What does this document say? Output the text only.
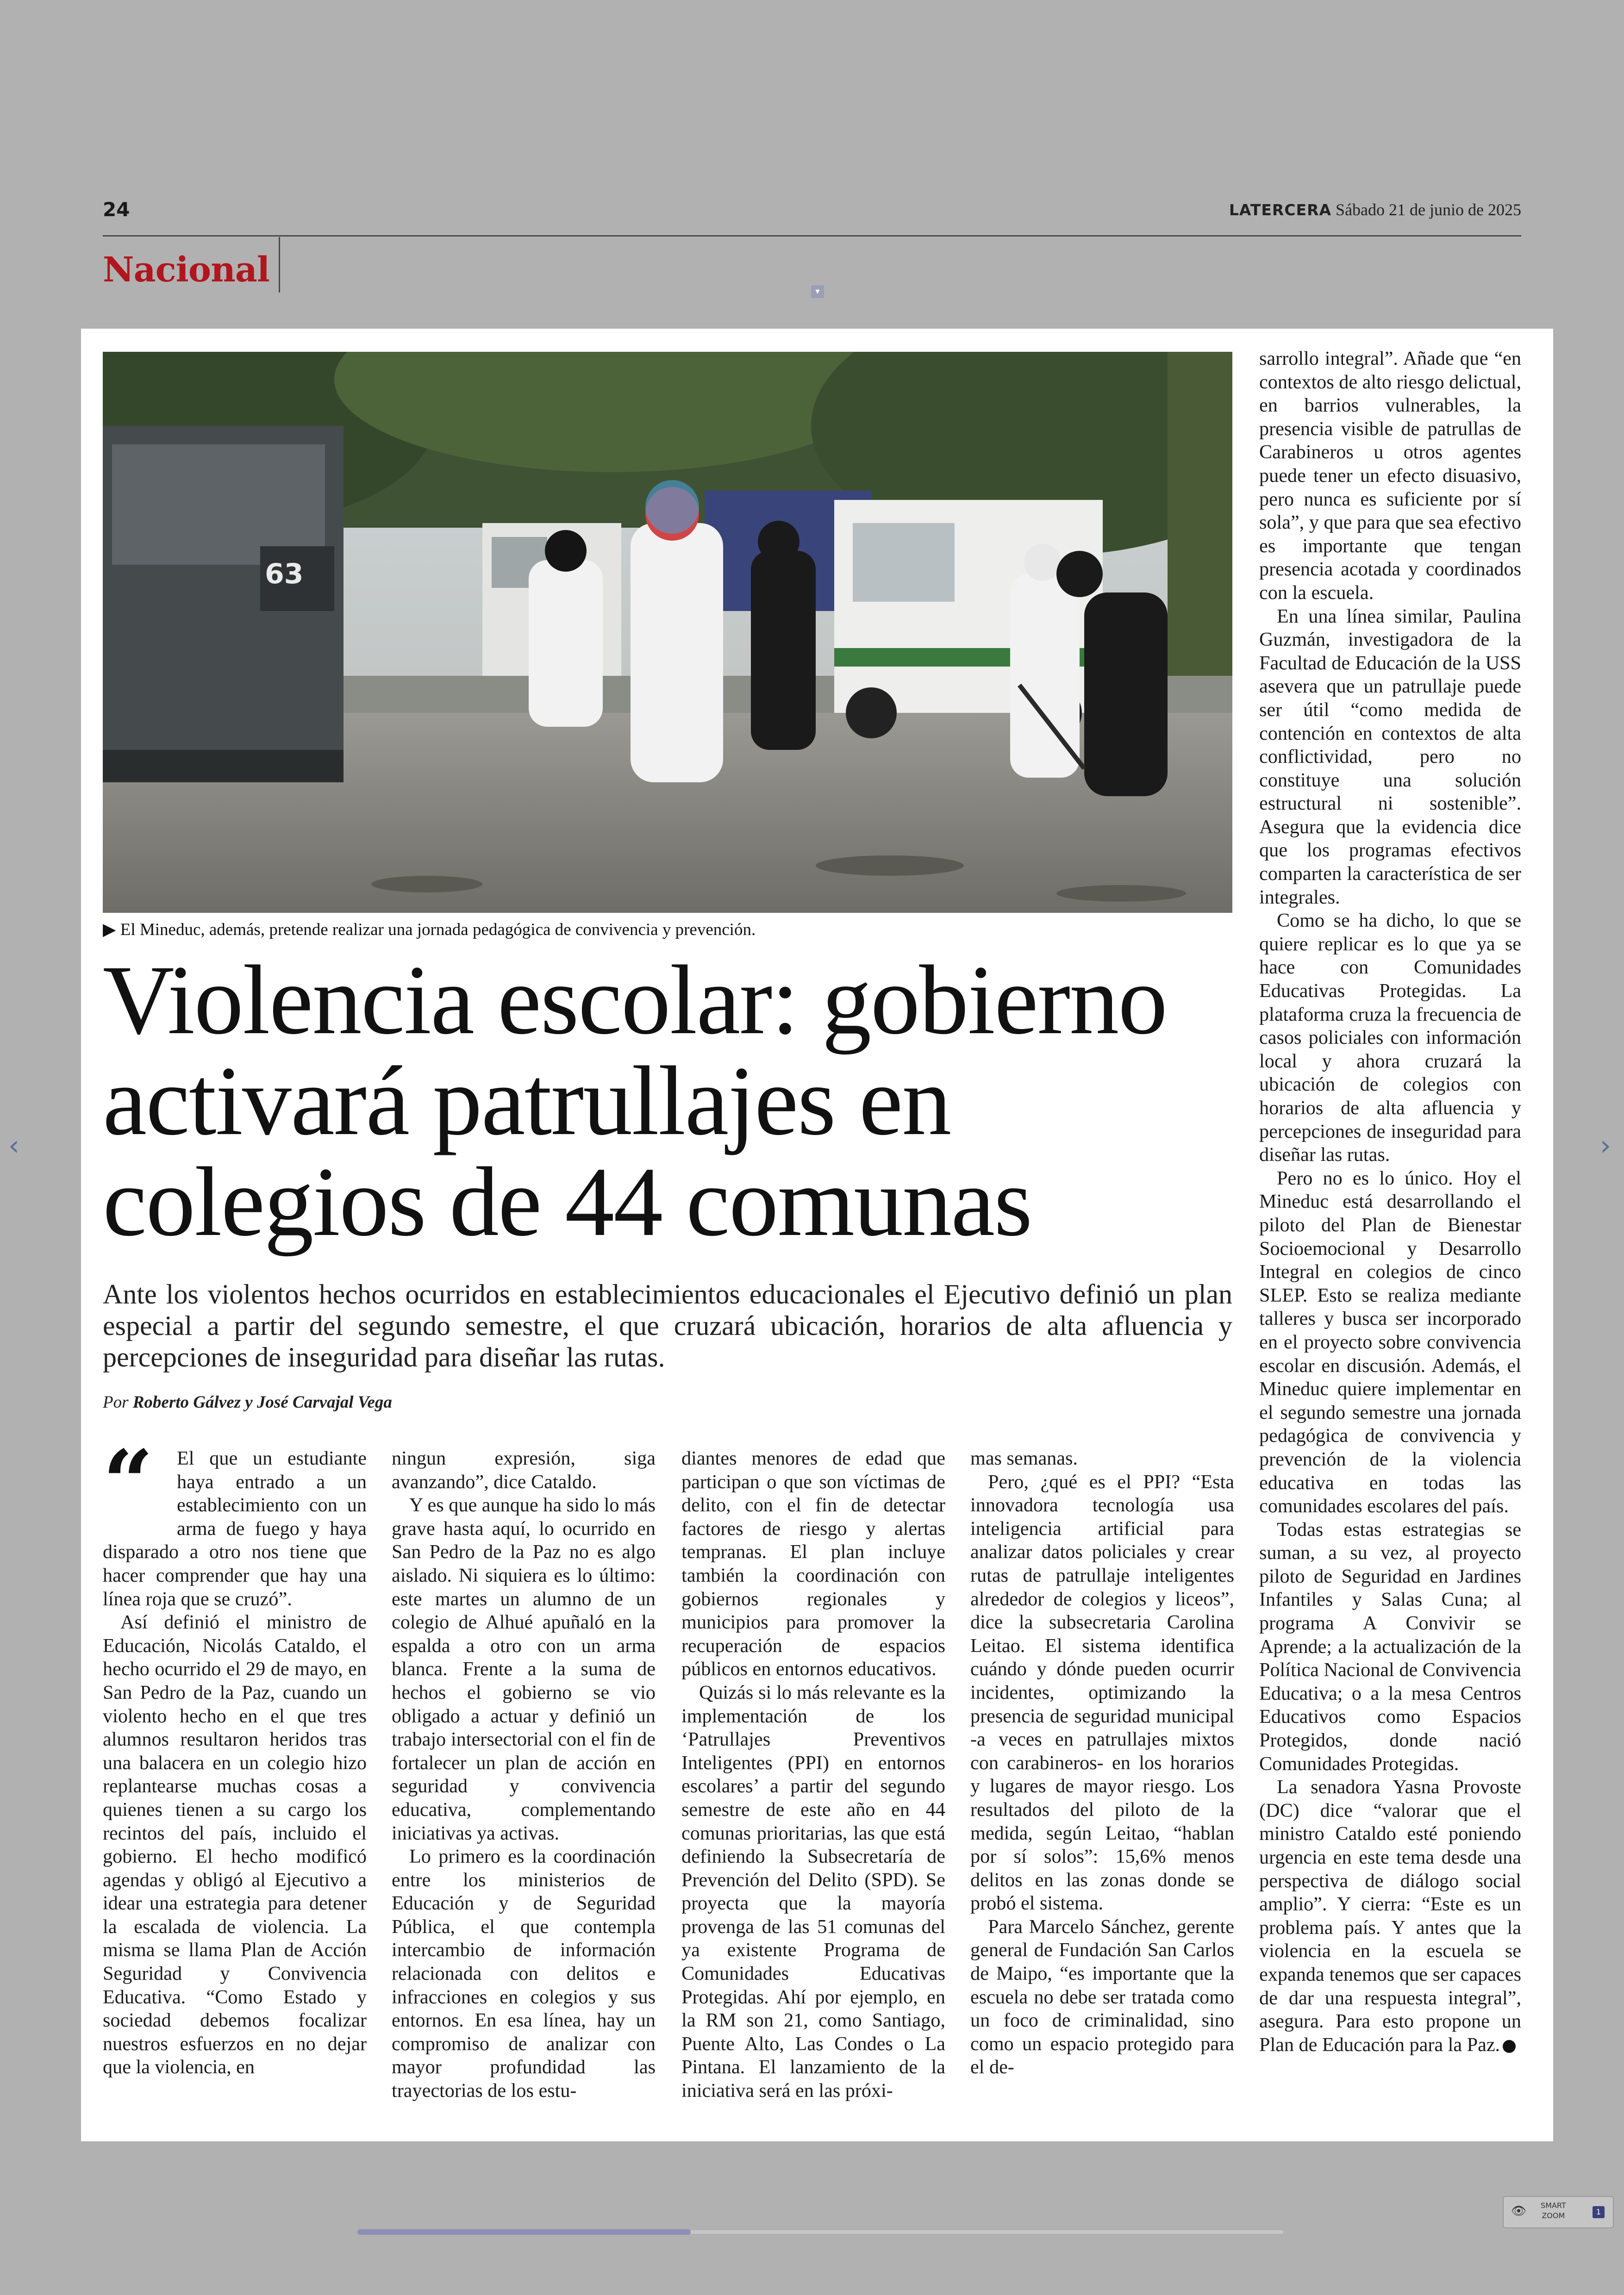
24	LATERCERA Sábado 21 de junio de 2025
Nacional
▾
63
▶ El Mineduc, además, pretende realizar una jornada pedagógica de convivencia y prevención.
Violencia escolar: gobierno activará patrullajes en colegios de 44 comunas
Ante los violentos hechos ocurridos en establecimientos educacionales el Ejecutivo definió un plan especial a partir del segundo semestre, el que cruzará ubicación, horarios de alta afluencia y percepciones de inseguridad para diseñar las rutas.
Por Roberto Gálvez y José Carvajal Vega
“	El que un estudiante haya entrado a un establecimiento con un arma de fuego y haya disparado a otro nos tiene que hacer comprender que hay una línea roja que se cruzó”.

Así definió el ministro de Educación, Nicolás Cataldo, el hecho ocurrido el 29 de mayo, en San Pedro de la Paz, cuando un violento hecho en el que tres alumnos resultaron heridos tras una balacera en un colegio hizo replantearse muchas cosas a quienes tienen a su cargo los recintos del país, incluido el gobierno. El hecho modificó agendas y obligó al Ejecutivo a idear una estrategia para detener la escalada de violencia. La misma se llama Plan de Acción Seguridad y Convivencia Educativa. “Como Estado y sociedad debemos focalizar nuestros esfuerzos en no dejar que la violencia, en

ningun expresión, siga avanzando”, dice Cataldo.

Y es que aunque ha sido lo más grave hasta aquí, lo ocurrido en San Pedro de la Paz no es algo aislado. Ni siquiera es lo último: este martes un alumno de un colegio de Alhué apuñaló en la espalda a otro con un arma blanca. Frente a la suma de hechos el gobierno se vio obligado a actuar y definió un trabajo intersectorial con el fin de fortalecer un plan de acción en seguridad y convivencia educativa, complementando iniciativas ya activas.

Lo primero es la coordinación entre los ministerios de Educación y de Seguridad Pública, el que contempla intercambio de información relacionada con delitos e infracciones en colegios y sus entornos. En esa línea, hay un compromiso de analizar con mayor profundidad las trayectorias de los estu-

diantes menores de edad que participan o que son víctimas de delito, con el fin de detectar factores de riesgo y alertas tempranas. El plan incluye también la coordinación con gobiernos regionales y municipios para promover la recuperación de espacios públicos en entornos educativos.

Quizás si lo más relevante es la implementación de los ‘Patrullajes Preventivos Inteligentes (PPI) en entornos escolares’ a partir del segundo semestre de este año en 44 comunas prioritarias, las que está definiendo la Subsecretaría de Prevención del Delito (SPD). Se proyecta que la mayoría provenga de las 51 comunas del ya existente Programa de Comunidades Educativas Protegidas. Ahí por ejemplo, en la RM son 21, como Santiago, Puente Alto, Las Condes o La Pintana. El lanzamiento de la iniciativa será en las próxi-

mas semanas.

Pero, ¿qué es el PPI? “Esta innovadora tecnología usa inteligencia artificial para analizar datos policiales y crear rutas de patrullaje inteligentes alrededor de colegios y liceos”, dice la subsecretaria Carolina Leitao. El sistema identifica cuándo y dónde pueden ocurrir incidentes, optimizando la presencia de seguridad municipal -a veces en patrullajes mixtos con carabineros- en los horarios y lugares de mayor riesgo. Los resultados del piloto de la medida, según Leitao, “hablan por sí solos”: 15,6% menos delitos en las zonas donde se probó el sistema.

Para Marcelo Sánchez, gerente general de Fundación San Carlos de Maipo, “es importante que la escuela no debe ser tratada como un foco de criminalidad, sino como un espacio protegido para el de-

sarrollo integral”. Añade que “en contextos de alto riesgo delictual, en barrios vulnerables, la presencia visible de patrullas de Carabineros u otros agentes puede tener un efecto disuasivo, pero nunca es suficiente por sí sola”, y que para que sea efectivo es importante que tengan presencia acotada y coordinados con la escuela.

En una línea similar, Paulina Guzmán, investigadora de la Facultad de Educación de la USS asevera que un patrullaje puede ser útil “como medida de contención en contextos de alta conflictividad, pero no constituye una solución estructural ni sostenible”. Asegura que la evidencia dice que los programas efectivos comparten la característica de ser integrales.

Como se ha dicho, lo que se quiere replicar es lo que ya se hace con Comunidades Educativas Protegidas. La plataforma cruza la frecuencia de casos policiales con información local y ahora cruzará la ubicación de colegios con horarios de alta afluencia y percepciones de inseguridad para diseñar las rutas.

Pero no es lo único. Hoy el Mineduc está desarrollando el piloto del Plan de Bienestar Socioemocional y Desarrollo Integral en colegios de cinco SLEP. Esto se realiza mediante talleres y busca ser incorporado en el proyecto sobre convivencia escolar en discusión. Además, el Mineduc quiere implementar en el segundo semestre una jornada pedagógica de convivencia y prevención de la violencia educativa en todas las comunidades escolares del país.

Todas estas estrategias se suman, a su vez, al proyecto piloto de Seguridad en Jardines Infantiles y Salas Cuna; al programa A Convivir se Aprende; a la actualización de la Política Nacional de Convivencia Educativa; o a la mesa Centros Educativos como Espacios Protegidos, donde nació Comunidades Protegidas.

La senadora Yasna Provoste (DC) dice “valorar que el ministro Cataldo esté poniendo urgencia en este tema desde una perspectiva de diálogo social amplio”. Y cierra: “Este es un problema país. Y antes que la violencia en la escuela se expanda tenemos que ser capaces de dar una respuesta integral”, asegura. Para esto propone un Plan de Educación para la Paz.

‹	›
👁 SMART
ZOOM	1
